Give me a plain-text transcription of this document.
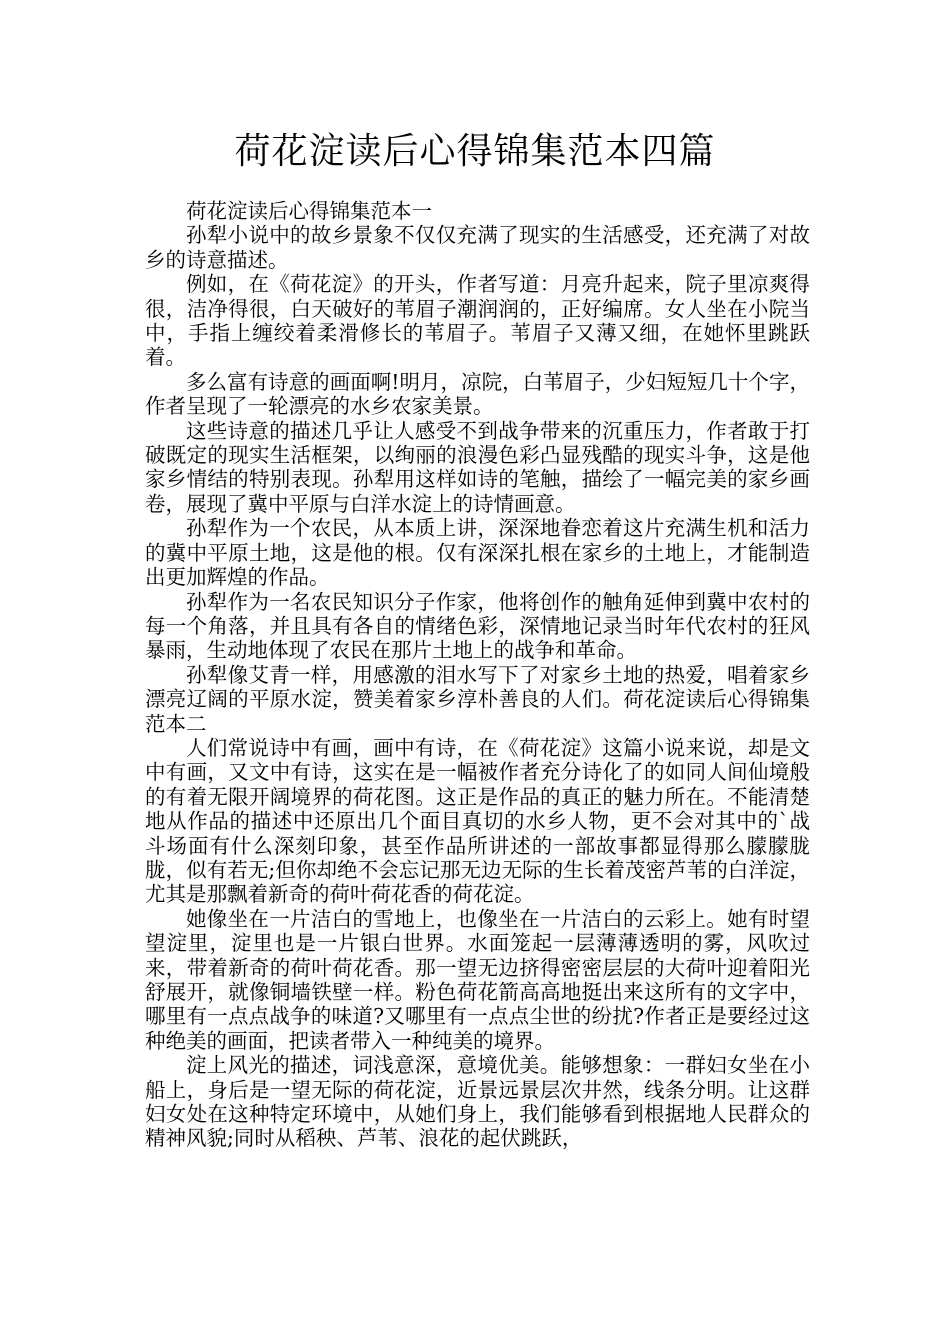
荷花淀读后心得锦集范本四篇

荷花淀读后心得锦集范本一

孙犁小说中的故乡景象不仅仅充满了现实的生活感受，还充满了对故乡的诗意描述。

例如，在《荷花淀》的开头，作者写道：月亮升起来，院子里凉爽得很，洁净得很，白天破好的苇眉子潮润润的，正好编席。女人坐在小院当中，手指上缠绞着柔滑修长的苇眉子。苇眉子又薄又细，在她怀里跳跃着。

多么富有诗意的画面啊!明月，凉院，白苇眉子，少妇短短几十个字，作者呈现了一轮漂亮的水乡农家美景。

这些诗意的描述几乎让人感受不到战争带来的沉重压力，作者敢于打破既定的现实生活框架，以绚丽的浪漫色彩凸显残酷的现实斗争，这是他家乡情结的特别表现。孙犁用这样如诗的笔触，描绘了一幅完美的家乡画卷，展现了冀中平原与白洋水淀上的诗情画意。

孙犁作为一个农民，从本质上讲，深深地眷恋着这片充满生机和活力的冀中平原土地，这是他的根。仅有深深扎根在家乡的土地上，才能制造出更加辉煌的作品。

孙犁作为一名农民知识分子作家，他将创作的触角延伸到冀中农村的每一个角落，并且具有各自的情绪色彩，深情地记录当时年代农村的狂风暴雨，生动地体现了农民在那片土地上的战争和革命。

孙犁像艾青一样，用感激的泪水写下了对家乡土地的热爱，唱着家乡漂亮辽阔的平原水淀，赞美着家乡淳朴善良的人们。荷花淀读后心得锦集范本二

人们常说诗中有画，画中有诗，在《荷花淀》这篇小说来说，却是文中有画，又文中有诗，这实在是一幅被作者充分诗化了的如同人间仙境般的有着无限开阔境界的荷花图。这正是作品的真正的魅力所在。不能清楚地从作品的描述中还原出几个面目真切的水乡人物，更不会对其中的`战斗场面有什么深刻印象，甚至作品所讲述的一部故事都显得那么朦朦胧胧，似有若无;但你却绝不会忘记那无边无际的生长着茂密芦苇的白洋淀，尤其是那飘着新奇的荷叶荷花香的荷花淀。

她像坐在一片洁白的雪地上，也像坐在一片洁白的云彩上。她有时望望淀里，淀里也是一片银白世界。水面笼起一层薄薄透明的雾，风吹过来，带着新奇的荷叶荷花香。那一望无边挤得密密层层的大荷叶迎着阳光舒展开，就像铜墙铁壁一样。粉色荷花箭高高地挺出来这所有的文字中，哪里有一点点战争的味道?又哪里有一点点尘世的纷扰?作者正是要经过这种绝美的画面，把读者带入一种纯美的境界。

淀上风光的描述，词浅意深，意境优美。能够想象：一群妇女坐在小船上，身后是一望无际的荷花淀，近景远景层次井然，线条分明。让这群妇女处在这种特定环境中，从她们身上，我们能够看到根据地人民群众的精神风貌;同时从稻秧、芦苇、浪花的起伏跳跃，
